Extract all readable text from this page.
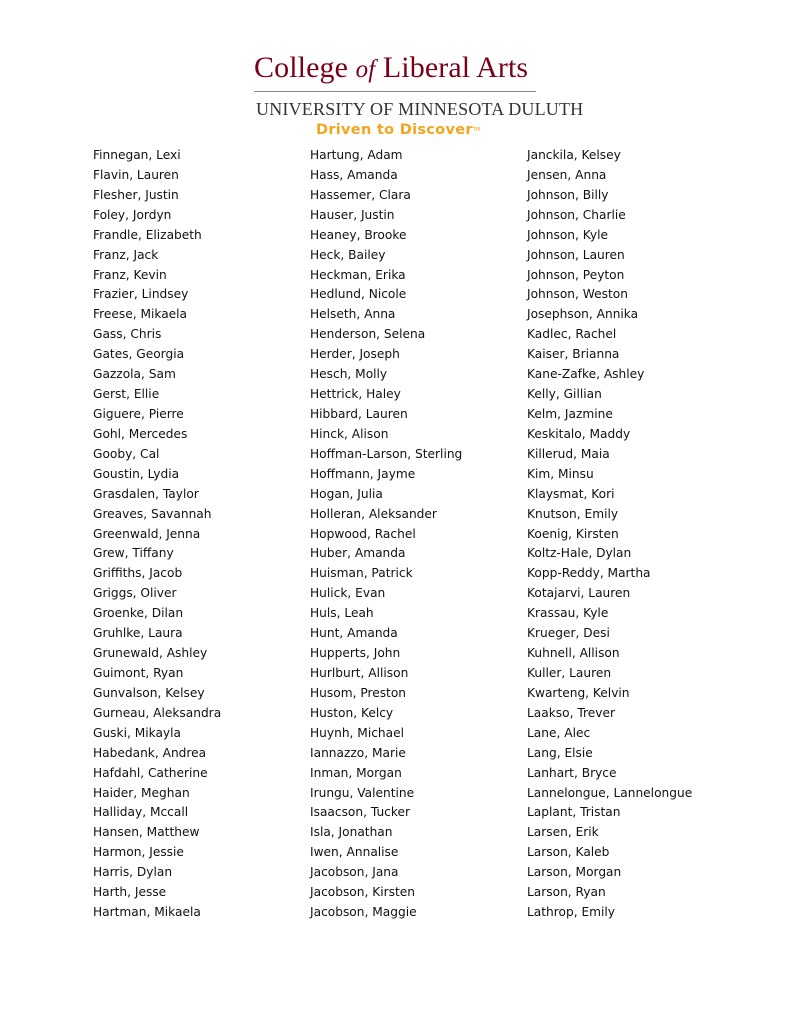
College of Liberal Arts
UNIVERSITY OF MINNESOTA DULUTH
Driven to Discover™
Finnegan, Lexi
Flavin, Lauren
Flesher, Justin
Foley, Jordyn
Frandle, Elizabeth
Franz, Jack
Franz, Kevin
Frazier, Lindsey
Freese, Mikaela
Gass, Chris
Gates, Georgia
Gazzola, Sam
Gerst, Ellie
Giguere, Pierre
Gohl, Mercedes
Gooby, Cal
Goustin, Lydia
Grasdalen, Taylor
Greaves, Savannah
Greenwald, Jenna
Grew, Tiffany
Griffiths, Jacob
Griggs, Oliver
Groenke, Dilan
Gruhlke, Laura
Grunewald, Ashley
Guimont, Ryan
Gunvalson, Kelsey
Gurneau, Aleksandra
Guski, Mikayla
Habedank, Andrea
Hafdahl, Catherine
Haider, Meghan
Halliday, Mccall
Hansen, Matthew
Harmon, Jessie
Harris, Dylan
Harth, Jesse
Hartman, Mikaela
Hartung, Adam
Hass, Amanda
Hassemer, Clara
Hauser, Justin
Heaney, Brooke
Heck, Bailey
Heckman, Erika
Hedlund, Nicole
Helseth, Anna
Henderson, Selena
Herder, Joseph
Hesch, Molly
Hettrick, Haley
Hibbard, Lauren
Hinck, Alison
Hoffman-Larson, Sterling
Hoffmann, Jayme
Hogan, Julia
Holleran, Aleksander
Hopwood, Rachel
Huber, Amanda
Huisman, Patrick
Hulick, Evan
Huls, Leah
Hunt, Amanda
Hupperts, John
Hurlburt, Allison
Husom, Preston
Huston, Kelcy
Huynh, Michael
Iannazzo, Marie
Inman, Morgan
Irungu, Valentine
Isaacson, Tucker
Isla, Jonathan
Iwen, Annalise
Jacobson, Jana
Jacobson, Kirsten
Jacobson, Maggie
Janckila, Kelsey
Jensen, Anna
Johnson, Billy
Johnson, Charlie
Johnson, Kyle
Johnson, Lauren
Johnson, Peyton
Johnson, Weston
Josephson, Annika
Kadlec, Rachel
Kaiser, Brianna
Kane-Zafke, Ashley
Kelly, Gillian
Kelm, Jazmine
Keskitalo, Maddy
Killerud, Maia
Kim, Minsu
Klaysmat, Kori
Knutson, Emily
Koenig, Kirsten
Koltz-Hale, Dylan
Kopp-Reddy, Martha
Kotajarvi, Lauren
Krassau, Kyle
Krueger, Desi
Kuhnell, Allison
Kuller, Lauren
Kwarteng, Kelvin
Laakso, Trever
Lane, Alec
Lang, Elsie
Lanhart, Bryce
Lannelongue, Lannelongue
Laplant, Tristan
Larsen, Erik
Larson, Kaleb
Larson, Morgan
Larson, Ryan
Lathrop, Emily
